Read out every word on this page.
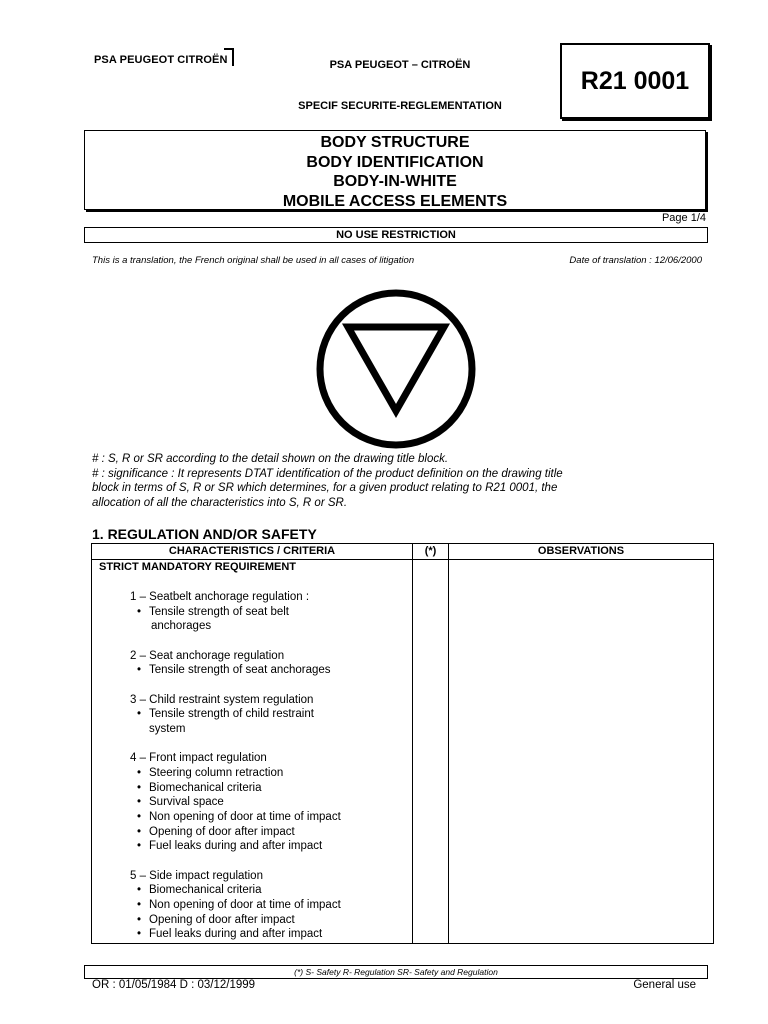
PSA PEUGEOT CITROËN	PSA PEUGEOT – CITROËN
SPECIF SECURITE-REGLEMENTATION
R21 0001
BODY STRUCTURE
BODY IDENTIFICATION
BODY-IN-WHITE
MOBILE ACCESS ELEMENTS
Page 1/4
NO USE RESTRICTION
This is a translation, the French original shall be used in all cases of litigation	Date of translation : 12/06/2000
# : S, R or SR according to the detail shown on the drawing title block.
# : significance : It represents DTAT identification of the product definition on the drawing title
block in terms of S, R or SR which determines, for a given product relating to R21 0001, the
allocation of all the characteristics into S, R or SR.
1. REGULATION AND/OR SAFETY
CHARACTERISTICS / CRITERIA	(*)	OBSERVATIONS
STRICT MANDATORY REQUIREMENT
1 – Seatbelt anchorage regulation :
• Tensile strength of seat belt
anchorages
2 – Seat anchorage regulation
• Tensile strength of seat anchorages
3 – Child restraint system regulation
• Tensile strength of child restraint
system
4 – Front impact regulation
• Steering column retraction
• Biomechanical criteria
• Survival space
• Non opening of door at time of impact
• Opening of door after impact
• Fuel leaks during and after impact
5 – Side impact regulation
• Biomechanical criteria
• Non opening of door at time of impact
• Opening of door after impact
• Fuel leaks during and after impact
(*) S- Safety R- Regulation SR- Safety and Regulation
OR : 01/05/1984 D : 03/12/1999	General use
